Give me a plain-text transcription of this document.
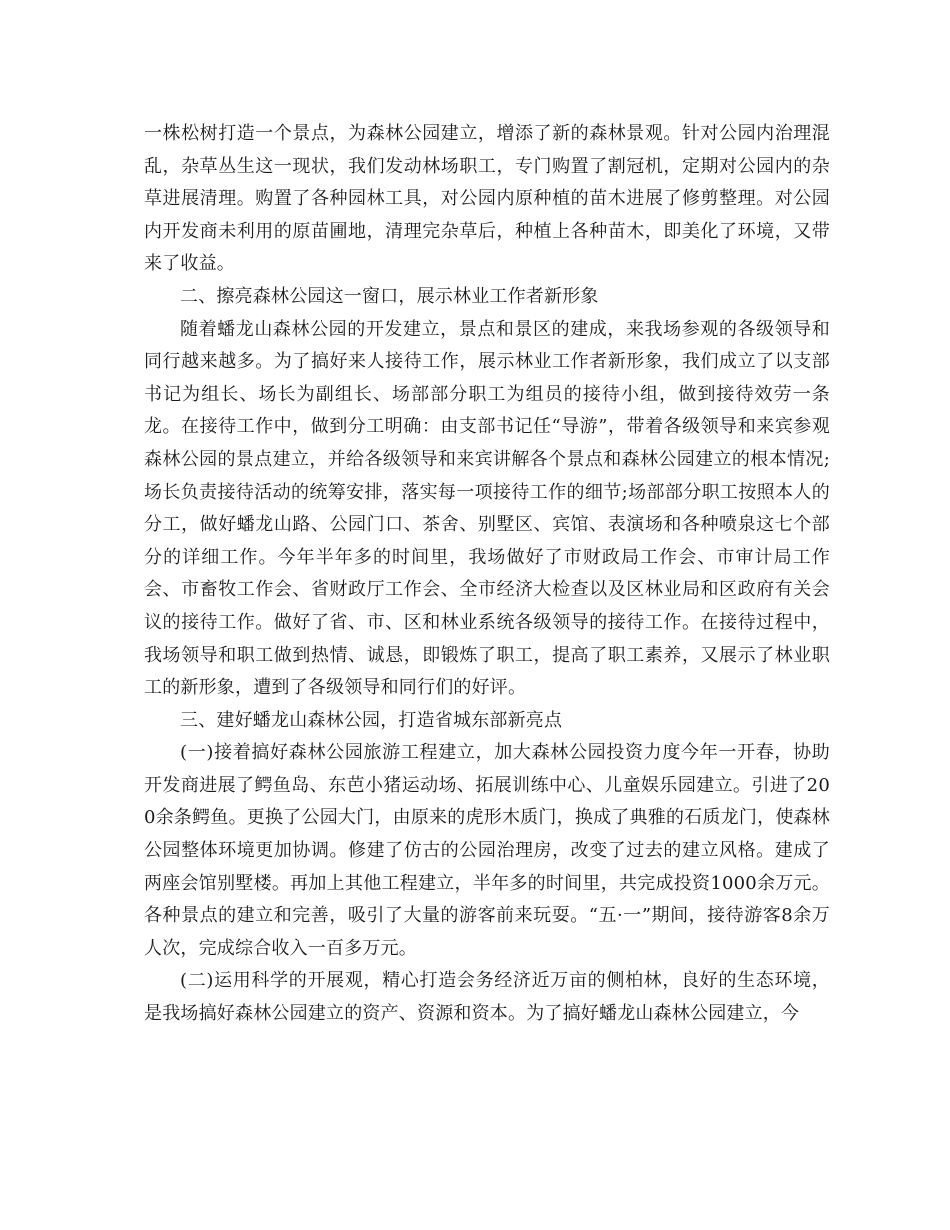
一株松树打造一个景点，为森林公园建立，增添了新的森林景观。针对公园内治理混乱，杂草丛生这一现状，我们发动林场职工，专门购置了割冠机，定期对公园内的杂草进展清理。购置了各种园林工具，对公园内原种植的苗木进展了修剪整理。对公园内开发商未利用的原苗圃地，清理完杂草后，种植上各种苗木，即美化了环境，又带来了收益。

二、擦亮森林公园这一窗口，展示林业工作者新形象

随着蟠龙山森林公园的开发建立，景点和景区的建成，来我场参观的各级领导和同行越来越多。为了搞好来人接待工作，展示林业工作者新形象，我们成立了以支部书记为组长、场长为副组长、场部部分职工为组员的接待小组，做到接待效劳一条龙。在接待工作中，做到分工明确：由支部书记任“导游”，带着各级领导和来宾参观森林公园的景点建立，并给各级领导和来宾讲解各个景点和森林公园建立的根本情况;场长负责接待活动的统筹安排，落实每一项接待工作的细节;场部部分职工按照本人的分工，做好蟠龙山路、公园门口、茶舍、别墅区、宾馆、表演场和各种喷泉这七个部分的详细工作。今年半年多的时间里，我场做好了市财政局工作会、市审计局工作会、市畜牧工作会、省财政厅工作会、全市经济大检查以及区林业局和区政府有关会议的接待工作。做好了省、市、区和林业系统各级领导的接待工作。在接待过程中，我场领导和职工做到热情、诚恳，即锻炼了职工，提高了职工素养，又展示了林业职工的新形象，遭到了各级领导和同行们的好评。

三、建好蟠龙山森林公园，打造省城东部新亮点

(一)接着搞好森林公园旅游工程建立，加大森林公园投资力度今年一开春，协助开发商进展了鳄鱼岛、东芭小猪运动场、拓展训练中心、儿童娱乐园建立。引进了200余条鳄鱼。更换了公园大门，由原来的虎形木质门，换成了典雅的石质龙门，使森林公园整体环境更加协调。修建了仿古的公园治理房，改变了过去的建立风格。建成了两座会馆别墅楼。再加上其他工程建立，半年多的时间里，共完成投资1000余万元。各种景点的建立和完善，吸引了大量的游客前来玩耍。“五·一”期间，接待游客8余万人次，完成综合收入一百多万元。

(二)运用科学的开展观，精心打造会务经济近万亩的侧柏林，良好的生态环境，是我场搞好森林公园建立的资产、资源和资本。为了搞好蟠龙山森林公园建立，今
